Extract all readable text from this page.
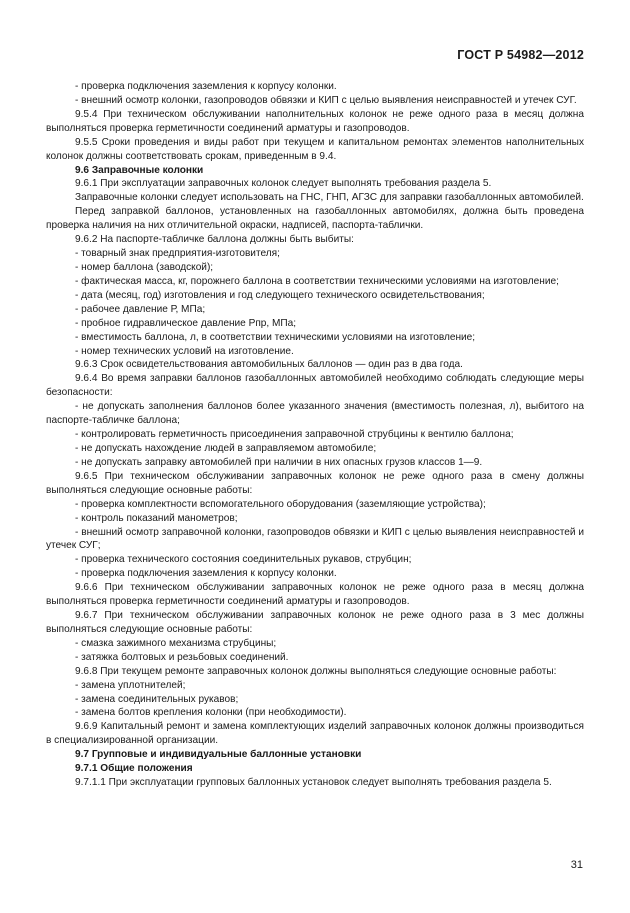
ГОСТ Р 54982—2012
- проверка подключения заземления к корпусу колонки.
- внешний осмотр колонки, газопроводов обвязки и КИП с целью выявления неисправностей и утечек СУГ.
9.5.4 При техническом обслуживании наполнительных колонок не реже одного раза в месяц должна выполняться проверка герметичности соединений арматуры и газопроводов.
9.5.5 Сроки проведения и виды работ при текущем и капитальном ремонтах элементов наполнительных колонок должны соответствовать срокам, приведенным в 9.4.
9.6 Заправочные колонки
9.6.1 При эксплуатации заправочных колонок следует выполнять требования раздела 5.
Заправочные колонки следует использовать на ГНС, ГНП, АГЗС для заправки газобаллонных автомобилей.
Перед заправкой баллонов, установленных на газобаллонных автомобилях, должна быть проведена проверка наличия на них отличительной окраски, надписей, паспорта-таблички.
9.6.2 На паспорте-табличке баллона должны быть выбиты:
- товарный знак предприятия-изготовителя;
- номер баллона (заводской);
- фактическая масса, кг, порожнего баллона в соответствии техническими условиями на изготовление;
- дата (месяц, год) изготовления и год следующего технического освидетельствования;
- рабочее давление Р, МПа;
- пробное гидравлическое давление Рпр, МПа;
- вместимость баллона, л, в соответствии техническими условиями на изготовление;
- номер технических условий на изготовление.
9.6.3 Срок освидетельствования автомобильных баллонов — один раз в два года.
9.6.4 Во время заправки баллонов газобаллонных автомобилей необходимо соблюдать следующие меры безопасности:
- не допускать заполнения баллонов более указанного значения (вместимость полезная, л), выбитого на паспорте-табличке баллона;
- контролировать герметичность присоединения заправочной струбцины к вентилю баллона;
- не допускать нахождение людей в заправляемом автомобиле;
- не допускать заправку автомобилей при наличии в них опасных грузов классов 1—9.
9.6.5 При техническом обслуживании заправочных колонок не реже одного раза в смену должны выполняться следующие основные работы:
- проверка комплектности вспомогательного оборудования (заземляющие устройства);
- контроль показаний манометров;
- внешний осмотр заправочной колонки, газопроводов обвязки и КИП с целью выявления неисправностей и утечек СУГ;
- проверка технического состояния соединительных рукавов, струбцин;
- проверка подключения заземления к корпусу колонки.
9.6.6 При техническом обслуживании заправочных колонок не реже одного раза в месяц должна выполняться проверка герметичности соединений арматуры и газопроводов.
9.6.7 При техническом обслуживании заправочных колонок не реже одного раза в 3 мес должны выполняться следующие основные работы:
- смазка зажимного механизма струбцины;
- затяжка болтовых и резьбовых соединений.
9.6.8 При текущем ремонте заправочных колонок должны выполняться следующие основные работы:
- замена уплотнителей;
- замена соединительных рукавов;
- замена болтов крепления колонки (при необходимости).
9.6.9 Капитальный ремонт и замена комплектующих изделий заправочных колонок должны производиться в специализированной организации.
9.7 Групповые и индивидуальные баллонные установки
9.7.1 Общие положения
9.7.1.1 При эксплуатации групповых баллонных установок следует выполнять требования раздела 5.
31
